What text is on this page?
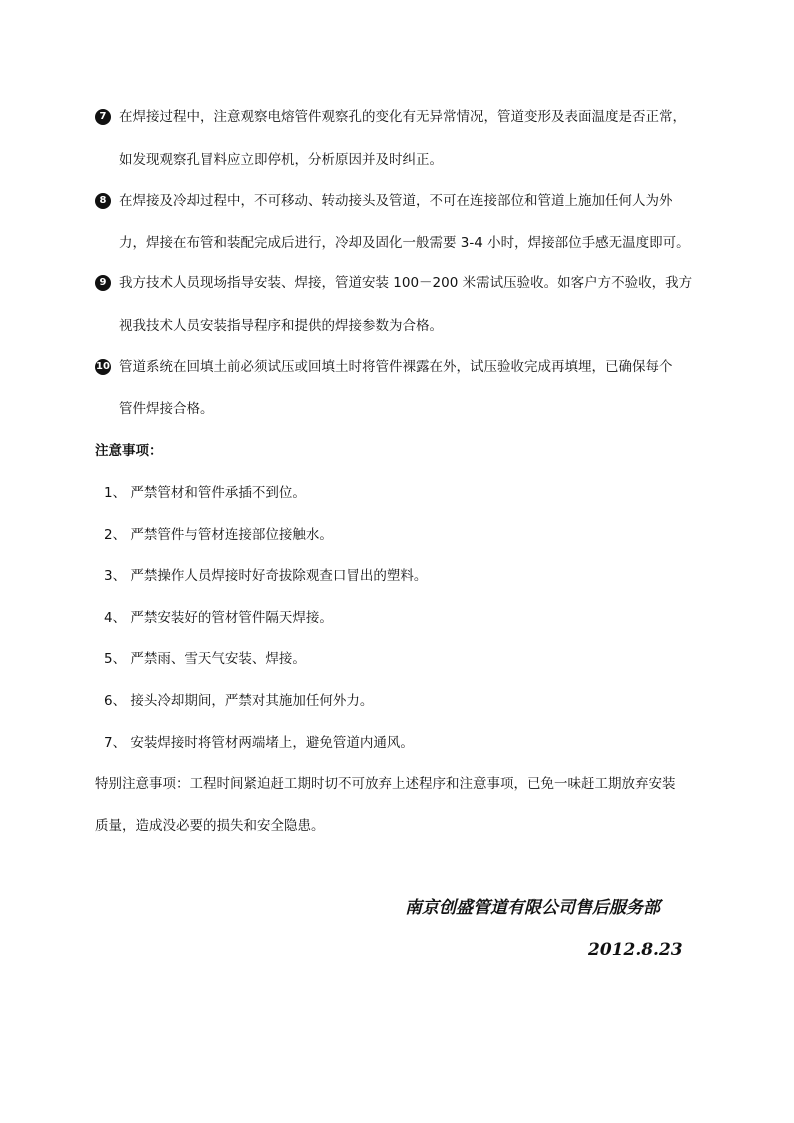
7 在焊接过程中，注意观察电熔管件观察孔的变化有无异常情况，管道变形及表面温度是否正常，
如发现观察孔冒料应立即停机，分析原因并及时纠正。
8 在焊接及冷却过程中，不可移动、转动接头及管道，不可在连接部位和管道上施加任何人为外
力，焊接在布管和装配完成后进行，冷却及固化一般需要 3-4 小时，焊接部位手感无温度即可。
9 我方技术人员现场指导安装、焊接，管道安装 100－200 米需试压验收。如客户方不验收，我方
视我技术人员安装指导程序和提供的焊接参数为合格。
10 管道系统在回填土前必须试压或回填土时将管件裸露在外，试压验收完成再填埋，已确保每个
管件焊接合格。
注意事项：
1、 严禁管材和管件承插不到位。
2、 严禁管件与管材连接部位接触水。
3、 严禁操作人员焊接时好奇拔除观查口冒出的塑料。
4、 严禁安装好的管材管件隔天焊接。
5、 严禁雨、雪天气安装、焊接。
6、 接头冷却期间，严禁对其施加任何外力。
7、 安装焊接时将管材两端堵上，避免管道内通风。
特别注意事项：工程时间紧迫赶工期时切不可放弃上述程序和注意事项，已免一味赶工期放弃安装
质量，造成没必要的损失和安全隐患。
南京创盛管道有限公司售后服务部
2012.8.23
